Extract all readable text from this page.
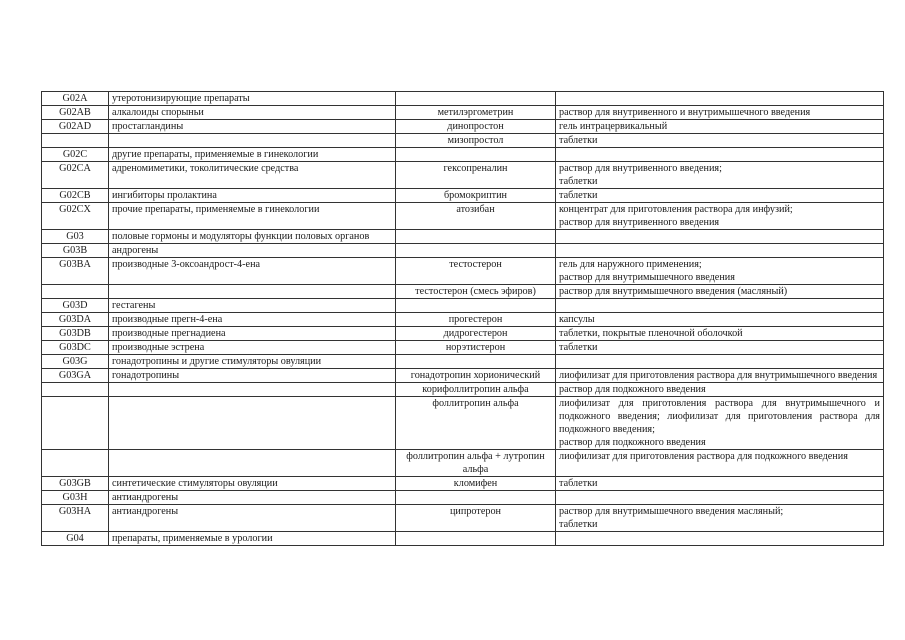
G02A	утеротонизирующие препараты		
G02AB	алкалоиды спорыньи	метилэргометрин	раствор для внутривенного и внутримышечного введения

G02AD	простагландины	динопростон	гель интрацервикальный

		мизопростол	таблетки

G02C	другие препараты, применяемые в гинекологии		
G02CA	адреномиметики, токолитические средства	гексопреналин	раствор для внутривенного введения;
таблетки

G02CB	ингибиторы пролактина	бромокриптин	таблетки

G02CX	прочие препараты, применяемые в гинекологии	атозибан	концентрат для приготовления раствора для инфузий;
раствор для внутривенного введения

G03	половые гормоны и модуляторы функции половых органов		
G03B	андрогены		
G03BA	производные 3-оксоандрост-4-ена	тестостерон	гель для наружного применения;
раствор для внутримышечного введения

		тестостерон (смесь эфиров)	раствор для внутримышечного введения (масляный)

G03D	гестагены		
G03DA	производные прегн-4-ена	прогестерон	капсулы

G03DB	производные прегнадиена	дидрогестерон	таблетки, покрытые пленочной оболочкой

G03DC	производные эстрена	норэтистерон	таблетки

G03G	гонадотропины и другие стимуляторы овуляции		
G03GA	гонадотропины	гонадотропин хорионический	лиофилизат для приготовления раствора для внутримышечного введения

		корифоллитропин альфа	раствор для подкожного введения

		фоллитропин альфа	лиофилизат для приготовления раствора для внутримышечного и подкожного введения; лиофилизат для приготовления раствора для подкожного введения;
раствор для подкожного введения

		фоллитропин альфа + лутропин альфа	лиофилизат для приготовления раствора для подкожного введения

G03GB	синтетические стимуляторы овуляции	кломифен	таблетки

G03H	антиандрогены		
G03HA	антиандрогены	ципротерон	раствор для внутримышечного введения масляный;
таблетки

G04	препараты, применяемые в урологии		
